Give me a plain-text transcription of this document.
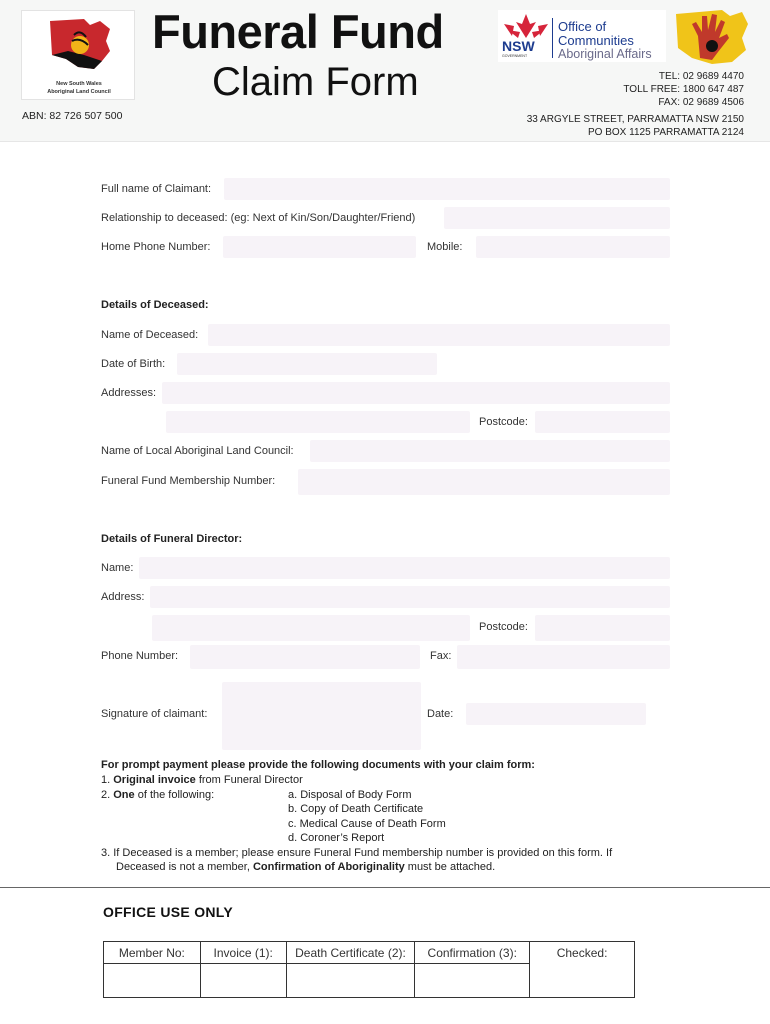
New South Wales
Aboriginal Land Council
ABN: 82 726 507 500
Funeral Fund
Claim Form
NSW
GOVERNMENT
Office of
Communities
Aboriginal Affairs
TEL: 02 9689 4470
TOLL FREE: 1800 647 487
FAX: 02 9689 4506
33 ARGYLE STREET, PARRAMATTA NSW 2150
PO BOX 1125 PARRAMATTA 2124
Full name of Claimant:
Relationship to deceased: (eg: Next of Kin/Son/Daughter/Friend)
Home Phone Number:	Mobile:
Details of Deceased:
Name of Deceased:
Date of Birth:
Addresses:
Postcode:
Name of Local Aboriginal Land Council:
Funeral Fund Membership Number:
Details of Funeral Director:
Name:
Address:
Postcode:
Phone Number:	Fax:
Signature of claimant:	Date:
For prompt payment please provide the following documents with your claim form:
1. Original invoice from Funeral Director
2. One of the following:	a. Disposal of Body Form
b. Copy of Death Certificate
c. Medical Cause of Death Form
d. Coroner’s Report
3. If Deceased is a member; please ensure Funeral Fund membership number is provided on this form. If
Deceased is not a member, Confirmation of Aboriginality must be attached.
OFFICE USE ONLY
Member No:	Invoice (1):	Death Certificate (2):	Confirmation (3):	Checked:
